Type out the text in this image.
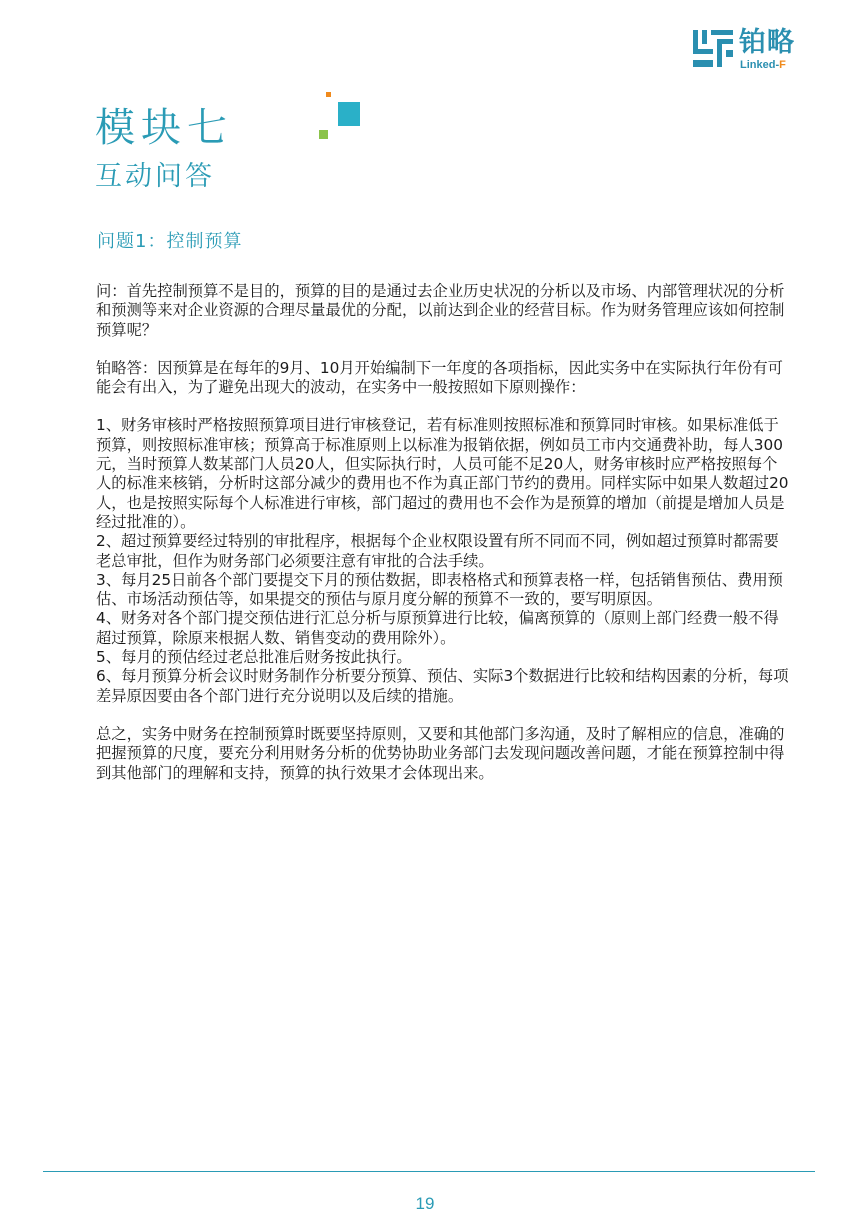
铂略
Linked-F
模块七
互动问答
问题1：控制预算

问：首先控制预算不是目的，预算的目的是通过去企业历史状况的分析以及市场、内部管理状况的分析和预测等来对企业资源的合理尽量最优的分配，以前达到企业的经营目标。作为财务管理应该如何控制预算呢？

铂略答：因预算是在每年的9月、10月开始编制下一年度的各项指标，因此实务中在实际执行年份有可能会有出入，为了避免出现大的波动，在实务中一般按照如下原则操作：

1、财务审核时严格按照预算项目进行审核登记，若有标准则按照标准和预算同时审核。如果标准低于预算，则按照标准审核；预算高于标准原则上以标准为报销依据，例如员工市内交通费补助，每人300元，当时预算人数某部门人员20人，但实际执行时，人员可能不足20人，财务审核时应严格按照每个人的标准来核销，分析时这部分减少的费用也不作为真正部门节约的费用。同样实际中如果人数超过20人，也是按照实际每个人标准进行审核，部门超过的费用也不会作为是预算的增加（前提是增加人员是经过批准的）。

2、超过预算要经过特别的审批程序，根据每个企业权限设置有所不同而不同，例如超过预算时都需要老总审批，但作为财务部门必须要注意有审批的合法手续。

3、每月25日前各个部门要提交下月的预估数据，即表格格式和预算表格一样，包括销售预估、费用预估、市场活动预估等，如果提交的预估与原月度分解的预算不一致的，要写明原因。

4、财务对各个部门提交预估进行汇总分析与原预算进行比较，偏离预算的（原则上部门经费一般不得超过预算，除原来根据人数、销售变动的费用除外）。

5、每月的预估经过老总批准后财务按此执行。

6、每月预算分析会议时财务制作分析要分预算、预估、实际3个数据进行比较和结构因素的分析，每项差异原因要由各个部门进行充分说明以及后续的措施。

总之，实务中财务在控制预算时既要坚持原则，又要和其他部门多沟通，及时了解相应的信息，准确的把握预算的尺度，要充分利用财务分析的优势协助业务部门去发现问题改善问题，才能在预算控制中得到其他部门的理解和支持，预算的执行效果才会体现出来。

19
